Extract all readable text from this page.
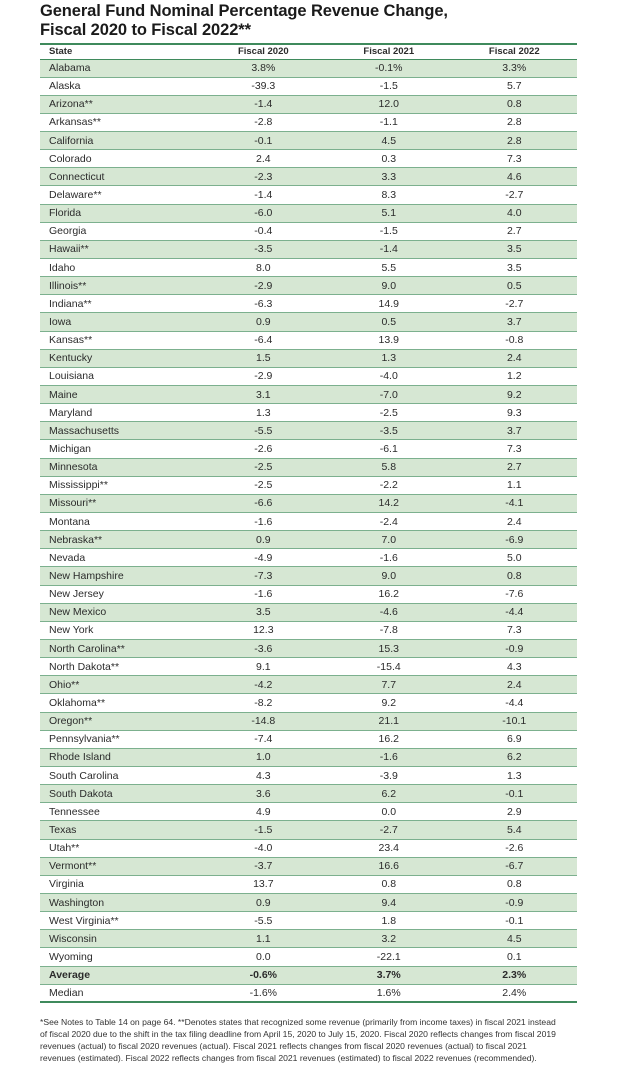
General Fund Nominal Percentage Revenue Change,
Fiscal 2020 to Fiscal 2022**
State	Fiscal 2020	Fiscal 2021	Fiscal 2022
Alabama	3.8%	-0.1%	3.3%
Alaska	-39.3	-1.5	5.7
Arizona**	-1.4	12.0	0.8
Arkansas**	-2.8	-1.1	2.8
California	-0.1	4.5	2.8
Colorado	2.4	0.3	7.3
Connecticut	-2.3	3.3	4.6
Delaware**	-1.4	8.3	-2.7
Florida	-6.0	5.1	4.0
Georgia	-0.4	-1.5	2.7
Hawaii**	-3.5	-1.4	3.5
Idaho	8.0	5.5	3.5
Illinois**	-2.9	9.0	0.5
Indiana**	-6.3	14.9	-2.7
Iowa	0.9	0.5	3.7
Kansas**	-6.4	13.9	-0.8
Kentucky	1.5	1.3	2.4
Louisiana	-2.9	-4.0	1.2
Maine	3.1	-7.0	9.2
Maryland	1.3	-2.5	9.3
Massachusetts	-5.5	-3.5	3.7
Michigan	-2.6	-6.1	7.3
Minnesota	-2.5	5.8	2.7
Mississippi**	-2.5	-2.2	1.1
Missouri**	-6.6	14.2	-4.1
Montana	-1.6	-2.4	2.4
Nebraska**	0.9	7.0	-6.9
Nevada	-4.9	-1.6	5.0
New Hampshire	-7.3	9.0	0.8
New Jersey	-1.6	16.2	-7.6
New Mexico	3.5	-4.6	-4.4
New York	12.3	-7.8	7.3
North Carolina**	-3.6	15.3	-0.9
North Dakota**	9.1	-15.4	4.3
Ohio**	-4.2	7.7	2.4
Oklahoma**	-8.2	9.2	-4.4
Oregon**	-14.8	21.1	-10.1
Pennsylvania**	-7.4	16.2	6.9
Rhode Island	1.0	-1.6	6.2
South Carolina	4.3	-3.9	1.3
South Dakota	3.6	6.2	-0.1
Tennessee	4.9	0.0	2.9
Texas	-1.5	-2.7	5.4
Utah**	-4.0	23.4	-2.6
Vermont**	-3.7	16.6	-6.7
Virginia	13.7	0.8	0.8
Washington	0.9	9.4	-0.9
West Virginia**	-5.5	1.8	-0.1
Wisconsin	1.1	3.2	4.5
Wyoming	0.0	-22.1	0.1
Average	-0.6%	3.7%	2.3%
Median	-1.6%	1.6%	2.4%
*See Notes to Table 14 on page 64. **Denotes states that recognized some revenue (primarily from income taxes) in fiscal 2021 instead of fiscal 2020 due to the shift in the tax filing deadline from April 15, 2020 to July 15, 2020. Fiscal 2020 reflects changes from fiscal 2019 revenues (actual) to fiscal 2020 revenues (actual). Fiscal 2021 reflects changes from fiscal 2020 revenues (actual) to fiscal 2021 revenues (estimated). Fiscal 2022 reflects changes from fiscal 2021 revenues (estimated) to fiscal 2022 revenues (recommended).
